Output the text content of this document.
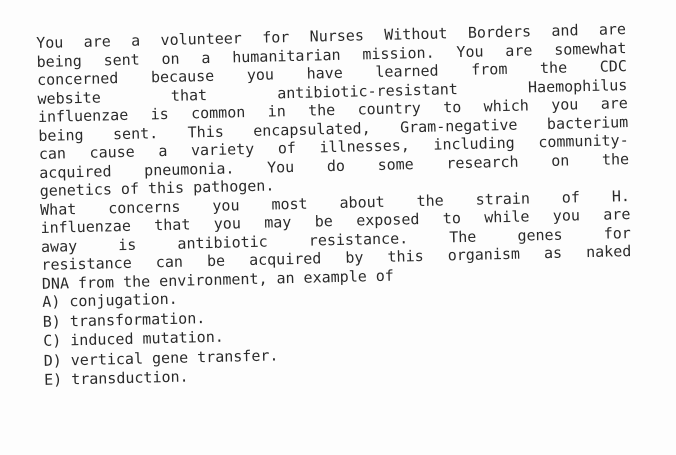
You are a volunteer for Nurses Without Borders and are
being sent on a humanitarian mission. You are somewhat
concerned because you have learned from the CDC
website	that	antibiotic-resistant	Haemophilus
influenzae is common in the country to which you are
being sent. This encapsulated, Gram-negative bacterium
can cause a variety of illnesses, including community-
acquired pneumonia. You do some research on the
genetics of this pathogen.
What concerns you most about the strain of H.
influenzae that you may be exposed to while you are
away	is	antibiotic	resistance.	The	genes	for
resistance can be acquired by this organism as naked
DNA from the environment, an example of
A) conjugation.
B) transformation.
C) induced mutation.
D) vertical gene transfer.
E) transduction.
